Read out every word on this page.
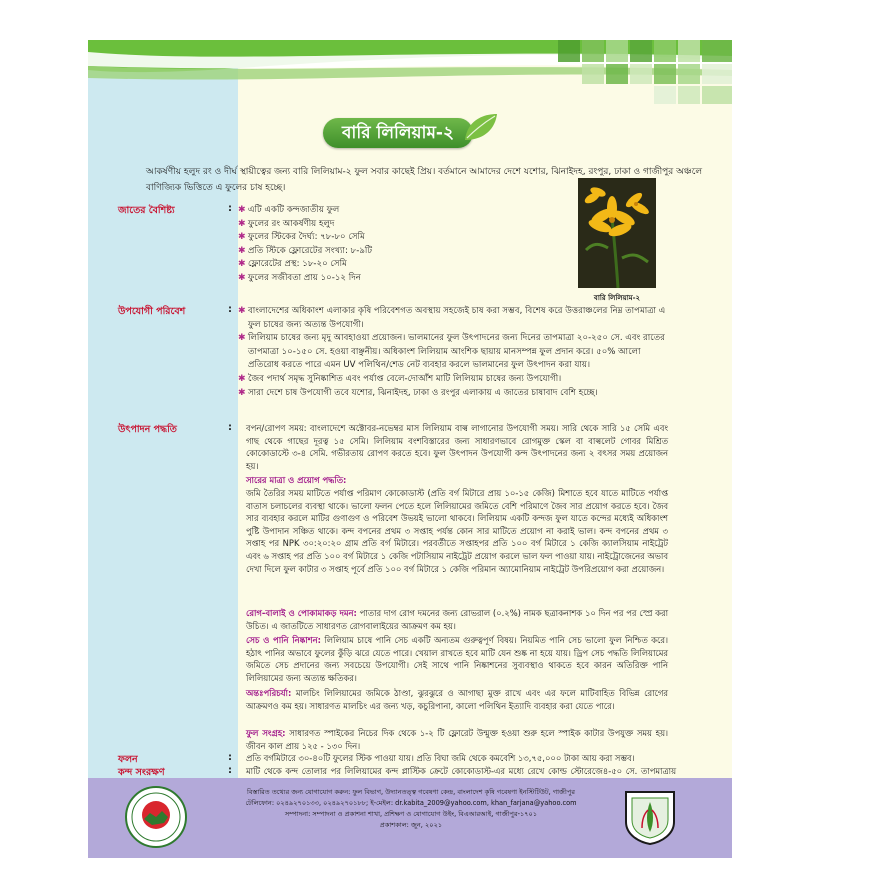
বারি লিলিয়াম-২
আকর্ষণীয় হলুদ রং ও দীর্ঘ স্থায়ীত্বের জন্য বারি লিলিয়াম-২ ফুল সবার কাছেই প্রিয়। বর্তমানে আমাদের দেশে যশোর, ঝিনাইদহ, রংপুর, ঢাকা ও গাজীপুর অঞ্চলে বাণিজ্যিক ভিত্তিতে এ ফুলের চাষ হচ্ছে।
জাতের বৈশিষ্ট্য	: ✱ এটি একটি কন্দজাতীয় ফুল
✱ ফুলের রং আকর্ষণীয় হলুদ
✱ ফুলের স্টিকের দৈর্ঘ্য: ৭৮-৮০ সেমি
✱ প্রতি স্টিকে ফ্লোরেটের সংখ্যা: ৮-৯টি
✱ ফ্লোরেটের প্রস্থ: ১৮-২০ সেমি
✱ ফুলের সজীবতা প্রায় ১০-১২ দিন
বারি লিলিয়াম-২
উপযোগী পরিবেশ	: ✱ বাংলাদেশের অধিকাংশ এলাকার কৃষি পরিবেশগত অবস্থায় সহজেই চাষ করা সম্ভব, বিশেষ করে উত্তরাঞ্চলের নিম্ন তাপমাত্রা এ ফুল চাষের জন্য অত্যন্ত উপযোগী।
✱ লিলিয়াম চাষের জন্য মৃদু আবহাওয়া প্রয়োজন। ভালমানের ফুল উৎপাদনের জন্য দিনের তাপমাত্রা ২০-২৫০ সে. এবং রাতের তাপমাত্রা ১০-১৫০ সে. হওয়া বাঞ্ছনীয়। অধিকাংশ লিলিয়াম আংশিক ছায়ায় মানসম্পন্ন ফুল প্রদান করে। ৫০% আলো প্রতিরোধ করতে পারে এমন UV পলিথিন/শেড নেট ব্যবহার করলে ভালমানের ফুল উৎপাদন করা যায়।
✱ জৈব পদার্থ সমৃদ্ধ সুনিষ্কাশিত এবং পর্যাপ্ত বেলে-দোআঁশ মাটি লিলিয়াম চাষের জন্য উপযোগী।
✱ সারা দেশে চাষ উপযোগী তবে যশোর, ঝিনাইদহ, ঢাকা ও রংপুর এলাকায় এ জাতের চাষাবাদ বেশি হচ্ছে।
উৎপাদন পদ্ধতি	: বপন/রোপণ সময়: বাংলাদেশে অক্টোবর-নভেম্বর মাস লিলিয়াম বাল্ব লাগানোর উপযোগী সময়। সারি থেকে সারি ১৫ সেমি এবং গাছ থেকে গাছের দূরত্ব ১৫ সেমি। লিলিয়াম বংশবিস্তারের জন্য সাধারণভাবে রোগমুক্ত স্কেল বা বাল্বলেট গোবর মিশ্রিত কোকোডাস্টে ৩-৪ সেমি. গভীরতায় রোপণ করতে হবে। ফুল উৎপাদন উপযোগী কন্দ উৎপাদনের জন্য ২ বৎসর সময় প্রয়োজন হয়।
সারের মাত্রা ও প্রয়োগ পদ্ধতি:
জমি তৈরির সময় মাটিতে পর্যাপ্ত পরিমাণ কোকোডাস্ট (প্রতি বর্গ মিটারে প্রায় ১০-১৫ কেজি) মিশাতে হবে যাতে মাটিতে পর্যাপ্ত বাতাস চলাচলের ব্যবস্থা থাকে। ভালো ফলন পেতে হলে লিলিয়ামের জমিতে বেশি পরিমাণে জৈব সার প্রয়োগ করতে হবে। জৈব সার ব্যবহার করলে মাটির গুণাগুণ ও পরিবেশ উভয়ই ভালো থাকবে। লিলিয়াম একটি কন্দজ ফুল যাতে কন্দের মধ্যেই অধিকাংশ পুষ্টি উপাদান সঞ্চিত থাকে। কন্দ বপনের প্রথম ৩ সপ্তাহ পর্যন্ত কোন সার মাটিতে প্রয়োগ না করাই ভাল। কন্দ বপনের প্রথম ৩ সপ্তাহ পর NPK ৩০:২০:২০ গ্রাম প্রতি বর্গ মিটারে। পরবর্তীতে সপ্তাহপর প্রতি ১০০ বর্গ মিটারে ১ কেজি ক্যালসিয়াম নাইট্রেট এবং ৬ সপ্তাহ পর প্রতি ১০০ বর্গ মিটারে ১ কেজি পটাসিয়াম নাইট্রেট প্রয়োগ করলে ভাল ফল পাওয়া যায়। নাইট্রোজেনের অভাব দেখা দিলে ফুল কাটার ৩ সপ্তাহ পূর্বে প্রতি ১০০ বর্গ মিটারে ১ কেজি পরিমান অ্যামোনিয়াম নাইট্রেট উপরিপ্রয়োগ করা প্রয়োজন।
রোগ-বালাই ও পোকামাকড় দমন: পাতার দাগ রোগ দমনের জন্য রোভরাল (০.২%) নামক ছত্রাকনাশক ১০ দিন পর পর স্প্রে করা উচিত। এ জাতটিতে সাধারণত রোগবালাইয়ের আক্রমণ কম হয়।
সেচ ও পানি নিষ্কাশন: লিলিয়াম চাষে পানি সেচ একটি অন্যতম গুরুত্বপূর্ণ বিষয়। নিয়মিত পানি সেচ ভালো ফুল নিশ্চিত করে। হঠাৎ পানির অভাবে ফুলের কুঁড়ি ঝরে যেতে পারে। খেয়াল রাখতে হবে মাটি যেন শুষ্ক না হয়ে যায়। ড্রিপ সেচ পদ্ধতি লিলিয়ামের জমিতে সেচ প্রদানের জন্য সবচেয়ে উপযোগী। সেই সাথে পানি নিষ্কাশনের সুব্যবস্থাও থাকতে হবে কারন অতিরিক্ত পানি লিলিয়ামের জন্য অত্যন্ত ক্ষতিকর।
অন্তঃপরিচর্যা: মালচিং লিলিয়ামের জমিকে ঠাণ্ডা, ঝুরঝুরে ও আগাছা মুক্ত রাখে এবং এর ফলে মাটিবাহিত বিভিন্ন রোগের আক্রমণও কম হয়। সাধারণত মালচিং এর জন্য খড়, কচুরিপানা, কালো পলিথিন ইত্যাদি ব্যবহার করা যেতে পারে।
ফুল সংগ্রহ: সাধারণত স্পাইকের নিচের দিক থেকে ১-২ টি ফ্লোরেট উন্মুক্ত হওয়া শুরু হলে স্পাইক কাটার উপযুক্ত সময় হয়। জীবন কাল প্রায় ১২৫ - ১৩০ দিন।
ফলন	: প্রতি বর্গমিটারে ৩০-৪০টি ফুলের স্টিক পাওয়া যায়। প্রতি বিঘা জমি থেকে কমবেশি ১৩,৭৫,০০০ টাকা আয় করা সম্ভব।
কন্দ সংরক্ষণ	: মাটি থেকে কন্দ তোলার পর লিলিয়ামের কন্দ প্লাস্টিক ক্রেটে কোকোডাস্ট-এর মধ্যে রেখে কোল্ড স্টোরেজে৪-৫০ সে. তাপমাত্রায়
বিস্তারিত তথ্যের জন্য যোগাযোগ করুন: ফুল বিভাগ, উদ্যানতত্ত্ব গবেষণা কেন্দ্র, বাংলাদেশ কৃষি গবেষণা ইনস্টিটিউট, গাজীপুর
টেলিফোন: ০২৪৯২৭০১৩৩, ০২৪৯২৭০১৮৮; ই-মেইল: dr.kabita_2009@yahoo.com, khan_farjana@yahoo.com
সম্পাদনা: সম্পাদনা ও প্রকাশনা শাখা, প্রশিক্ষণ ও যোগাযোগ উইং, বিএআরআই, গাজীপুর-১৭০১
প্রকাশকাল: জুন, ২০২১
